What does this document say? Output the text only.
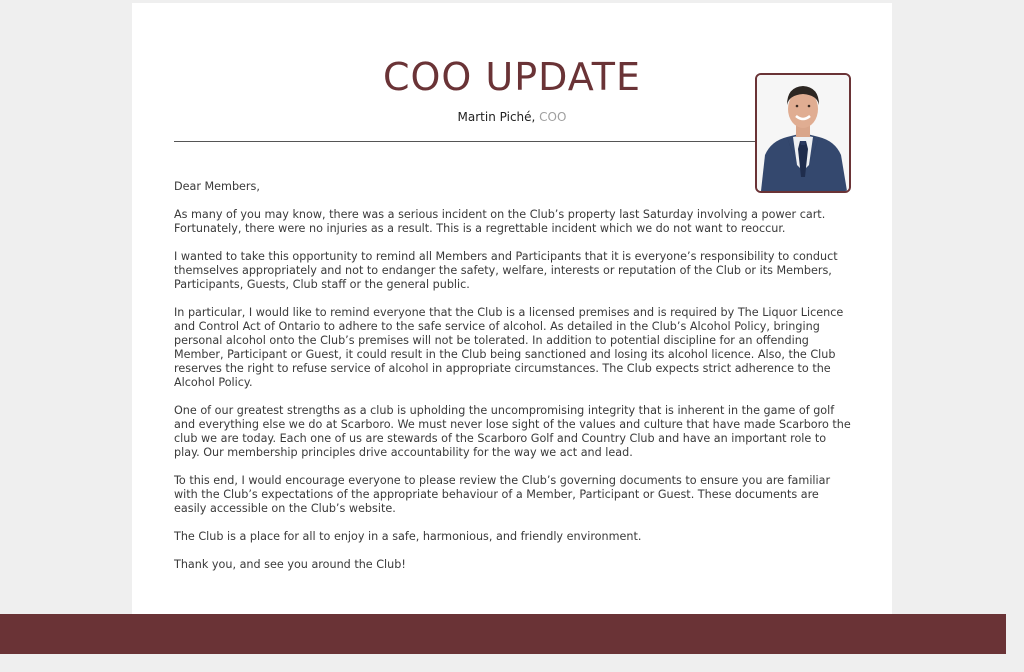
COO UPDATE
Martin Piché, COO

Dear Members,

As many of you may know, there was a serious incident on the Club’s property last Saturday involving a power cart. Fortunately, there were no injuries as a result. This is a regrettable incident which we do not want to reoccur.

I wanted to take this opportunity to remind all Members and Participants that it is everyone’s responsibility to conduct themselves appropriately and not to endanger the safety, welfare, interests or reputation of the Club or its Members, Participants, Guests, Club staff or the general public.

In particular, I would like to remind everyone that the Club is a licensed premises and is required by The Liquor Licence and Control Act of Ontario to adhere to the safe service of alcohol. As detailed in the Club’s Alcohol Policy, bringing personal alcohol onto the Club’s premises will not be tolerated. In addition to potential discipline for an offending Member, Participant or Guest, it could result in the Club being sanctioned and losing its alcohol licence. Also, the Club reserves the right to refuse service of alcohol in appropriate circumstances. The Club expects strict adherence to the Alcohol Policy.

One of our greatest strengths as a club is upholding the uncompromising integrity that is inherent in the game of golf and everything else we do at Scarboro. We must never lose sight of the values and culture that have made Scarboro the club we are today. Each one of us are stewards of the Scarboro Golf and Country Club and have an important role to play. Our membership principles drive accountability for the way we act and lead.

To this end, I would encourage everyone to please review the Club’s governing documents to ensure you are familiar with the Club’s expectations of the appropriate behaviour of a Member, Participant or Guest. These documents are easily accessible on the Club’s website.

The Club is a place for all to enjoy in a safe, harmonious, and friendly environment.

Thank you, and see you around the Club!
